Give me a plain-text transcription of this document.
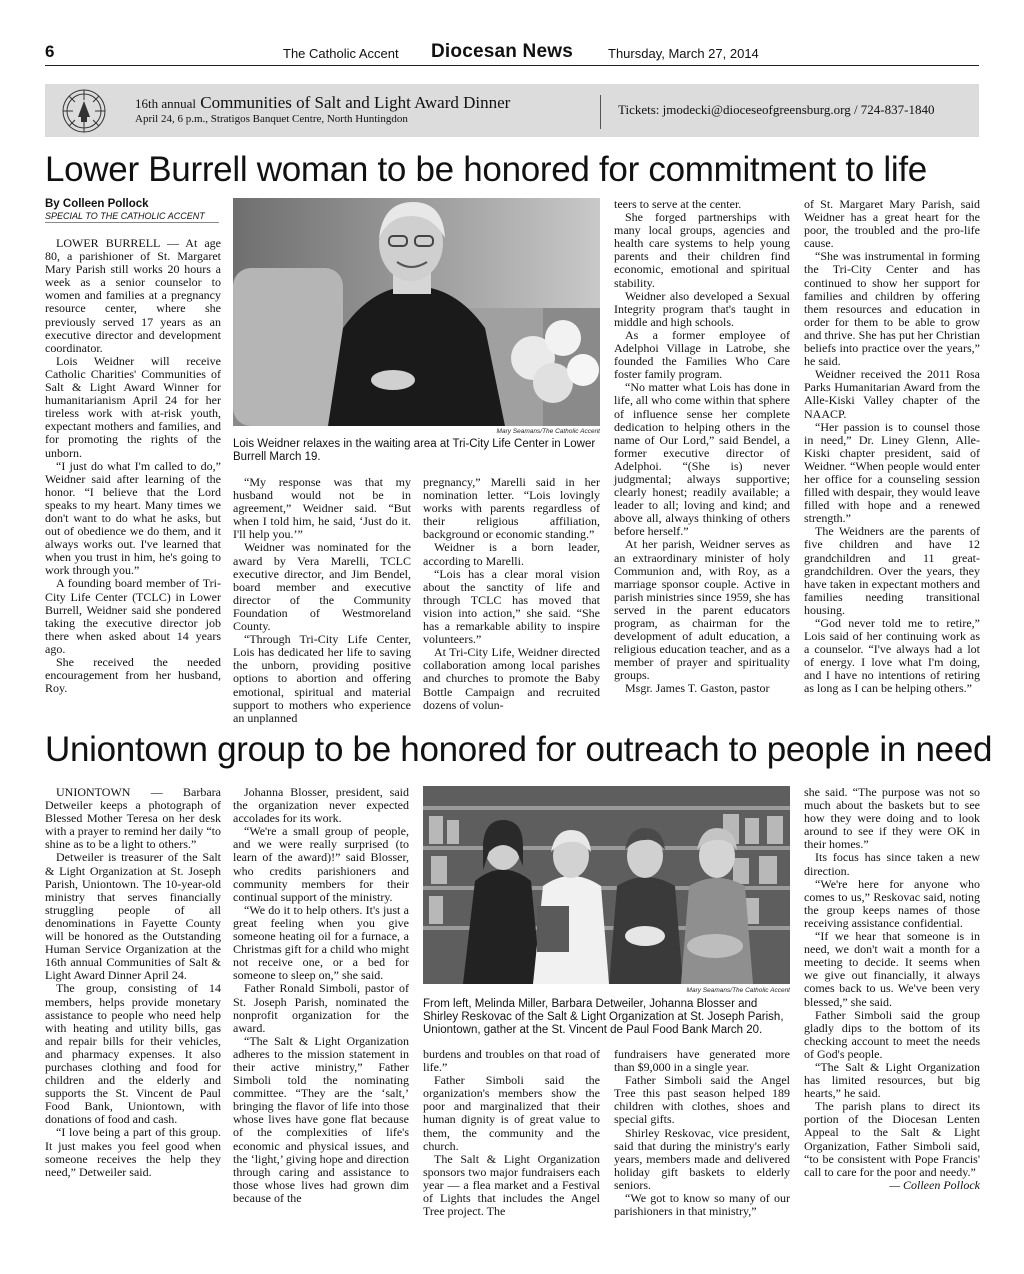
6	The Catholic Accent Diocesan News	Thursday, March 27, 2014
16th annual Communities of Salt and Light Award Dinner
April 24, 6 p.m., Stratigos Banquet Centre, North Huntingdon
Tickets: jmodecki@dioceseofgreensburg.org / 724-837-1840
Lower Burrell woman to be honored for commitment to life
By Colleen Pollock
SPECIAL TO THE CATHOLIC ACCENT

LOWER BURRELL — At age 80, a parishioner of St. Margaret Mary Parish still works 20 hours a week as a senior counselor to women and families at a pregnancy resource center, where she previously served 17 years as an executive director and development coordinator.

Lois Weidner will receive Catholic Charities' Communities of Salt & Light Award Winner for humanitarianism April 24 for her tireless work with at-risk youth, expectant mothers and families, and for promoting the rights of the unborn.

“I just do what I'm called to do,” Weidner said after learning of the honor. “I believe that the Lord speaks to my heart. Many times we don't want to do what he asks, but out of obedience we do them, and it always works out. I've learned that when you trust in him, he's going to work through you.”

A founding board member of Tri-City Life Center (TCLC) in Lower Burrell, Weidner said she pondered taking the executive director job there when asked about 14 years ago.

She received the needed encouragement from her husband, Roy.

Mary Seamans/The Catholic Accent
Lois Weidner relaxes in the waiting area at Tri-City Life Center in Lower Burrell March 19.

“My response was that my husband would not be in agreement,” Weidner said. “But when I told him, he said, ‘Just do it. I'll help you.’”

Weidner was nominated for the award by Vera Marelli, TCLC executive director, and Jim Bendel, board member and executive director of the Community Foundation of Westmoreland County.

“Through Tri-City Life Center, Lois has dedicated her life to saving the unborn, providing positive options to abortion and offering emotional, spiritual and material support to mothers who experience an unplanned

pregnancy,” Marelli said in her nomination letter. “Lois lovingly works with parents regardless of their religious affiliation, background or economic standing.”

Weidner is a born leader, according to Marelli.

“Lois has a clear moral vision about the sanctity of life and through TCLC has moved that vision into action,” she said. “She has a remarkable ability to inspire volunteers.”

At Tri-City Life, Weidner directed collaboration among local parishes and churches to promote the Baby Bottle Campaign and recruited dozens of volun-

teers to serve at the center.

She forged partnerships with many local groups, agencies and health care systems to help young parents and their children find economic, emotional and spiritual stability.

Weidner also developed a Sexual Integrity program that's taught in middle and high schools.

As a former employee of Adelphoi Village in Latrobe, she founded the Families Who Care foster family program.

“No matter what Lois has done in life, all who come within that sphere of influence sense her complete dedication to helping others in the name of Our Lord,” said Bendel, a former executive director of Adelphoi. “(She is) never judgmental; always supportive; clearly honest; readily available; a leader to all; loving and kind; and above all, always thinking of others before herself.”

At her parish, Weidner serves as an extraordinary minister of holy Communion and, with Roy, as a marriage sponsor couple. Active in parish ministries since 1959, she has served in the parent educators program, as chairman for the development of adult education, a religious education teacher, and as a member of prayer and spirituality groups.

Msgr. James T. Gaston, pastor

of St. Margaret Mary Parish, said Weidner has a great heart for the poor, the troubled and the pro-life cause.

“She was instrumental in forming the Tri-City Center and has continued to show her support for families and children by offering them resources and education in order for them to be able to grow and thrive. She has put her Christian beliefs into practice over the years,” he said.

Weidner received the 2011 Rosa Parks Humanitarian Award from the Alle-Kiski Valley chapter of the NAACP.

“Her passion is to counsel those in need,” Dr. Liney Glenn, Alle-Kiski chapter president, said of Weidner. “When people would enter her office for a counseling session filled with despair, they would leave filled with hope and a renewed strength.”

The Weidners are the parents of five children and have 12 grandchildren and 11 great-grandchildren. Over the years, they have taken in expectant mothers and families needing transitional housing.

“God never told me to retire,” Lois said of her continuing work as a counselor. “I've always had a lot of energy. I love what I'm doing, and I have no intentions of retiring as long as I can be helping others.”

Uniontown group to be honored for outreach to people in need

UNIONTOWN — Barbara Detweiler keeps a photograph of Blessed Mother Teresa on her desk with a prayer to remind her daily “to shine as to be a light to others.”

Detweiler is treasurer of the Salt & Light Organization at St. Joseph Parish, Uniontown. The 10-year-old ministry that serves financially struggling people of all denominations in Fayette County will be honored as the Outstanding Human Service Organization at the 16th annual Communities of Salt & Light Award Dinner April 24.

The group, consisting of 14 members, helps provide monetary assistance to people who need help with heating and utility bills, gas and repair bills for their vehicles, and pharmacy expenses. It also purchases clothing and food for children and the elderly and supports the St. Vincent de Paul Food Bank, Uniontown, with donations of food and cash.

“I love being a part of this group. It just makes you feel good when someone receives the help they need,” Detweiler said.

Johanna Blosser, president, said the organization never expected accolades for its work.

“We're a small group of people, and we were really surprised (to learn of the award)!” said Blosser, who credits parishioners and community members for their continual support of the ministry.

“We do it to help others. It's just a great feeling when you give someone heating oil for a furnace, a Christmas gift for a child who might not receive one, or a bed for someone to sleep on,” she said.

Father Ronald Simboli, pastor of St. Joseph Parish, nominated the nonprofit organization for the award.

“The Salt & Light Organization adheres to the mission statement in their active ministry,” Father Simboli told the nominating committee. “They are the ‘salt,’ bringing the flavor of life into those whose lives have gone flat because of the complexities of life's economic and physical issues, and the ‘light,’ giving hope and direction through caring and assistance to those whose lives had grown dim because of the

Mary Seamans/The Catholic Accent
From left, Melinda Miller, Barbara Detweiler, Johanna Blosser and Shirley Reskovac of the Salt & Light Organization at St. Joseph Parish, Uniontown, gather at the St. Vincent de Paul Food Bank March 20.

burdens and troubles on that road of life.”

Father Simboli said the organization's members show the poor and marginalized that their human dignity is of great value to them, the community and the church.

The Salt & Light Organization sponsors two major fundraisers each year — a flea market and a Festival of Lights that includes the Angel Tree project. The

fundraisers have generated more than $9,000 in a single year.

Father Simboli said the Angel Tree this past season helped 189 children with clothes, shoes and special gifts.

Shirley Reskovac, vice president, said that during the ministry's early years, members made and delivered holiday gift baskets to elderly seniors.

“We got to know so many of our parishioners in that ministry,”

she said. “The purpose was not so much about the baskets but to see how they were doing and to look around to see if they were OK in their homes.”

Its focus has since taken a new direction.

“We're here for anyone who comes to us,” Reskovac said, noting the group keeps names of those receiving assistance confidential.

“If we hear that someone is in need, we don't wait a month for a meeting to decide. It seems when we give out financially, it always comes back to us. We've been very blessed,” she said.

Father Simboli said the group gladly dips to the bottom of its checking account to meet the needs of God's people.

“The Salt & Light Organization has limited resources, but big hearts,” he said.

The parish plans to direct its portion of the Diocesan Lenten Appeal to the Salt & Light Organization, Father Simboli said, “to be consistent with Pope Francis' call to care for the poor and needy.”

— Colleen Pollock
